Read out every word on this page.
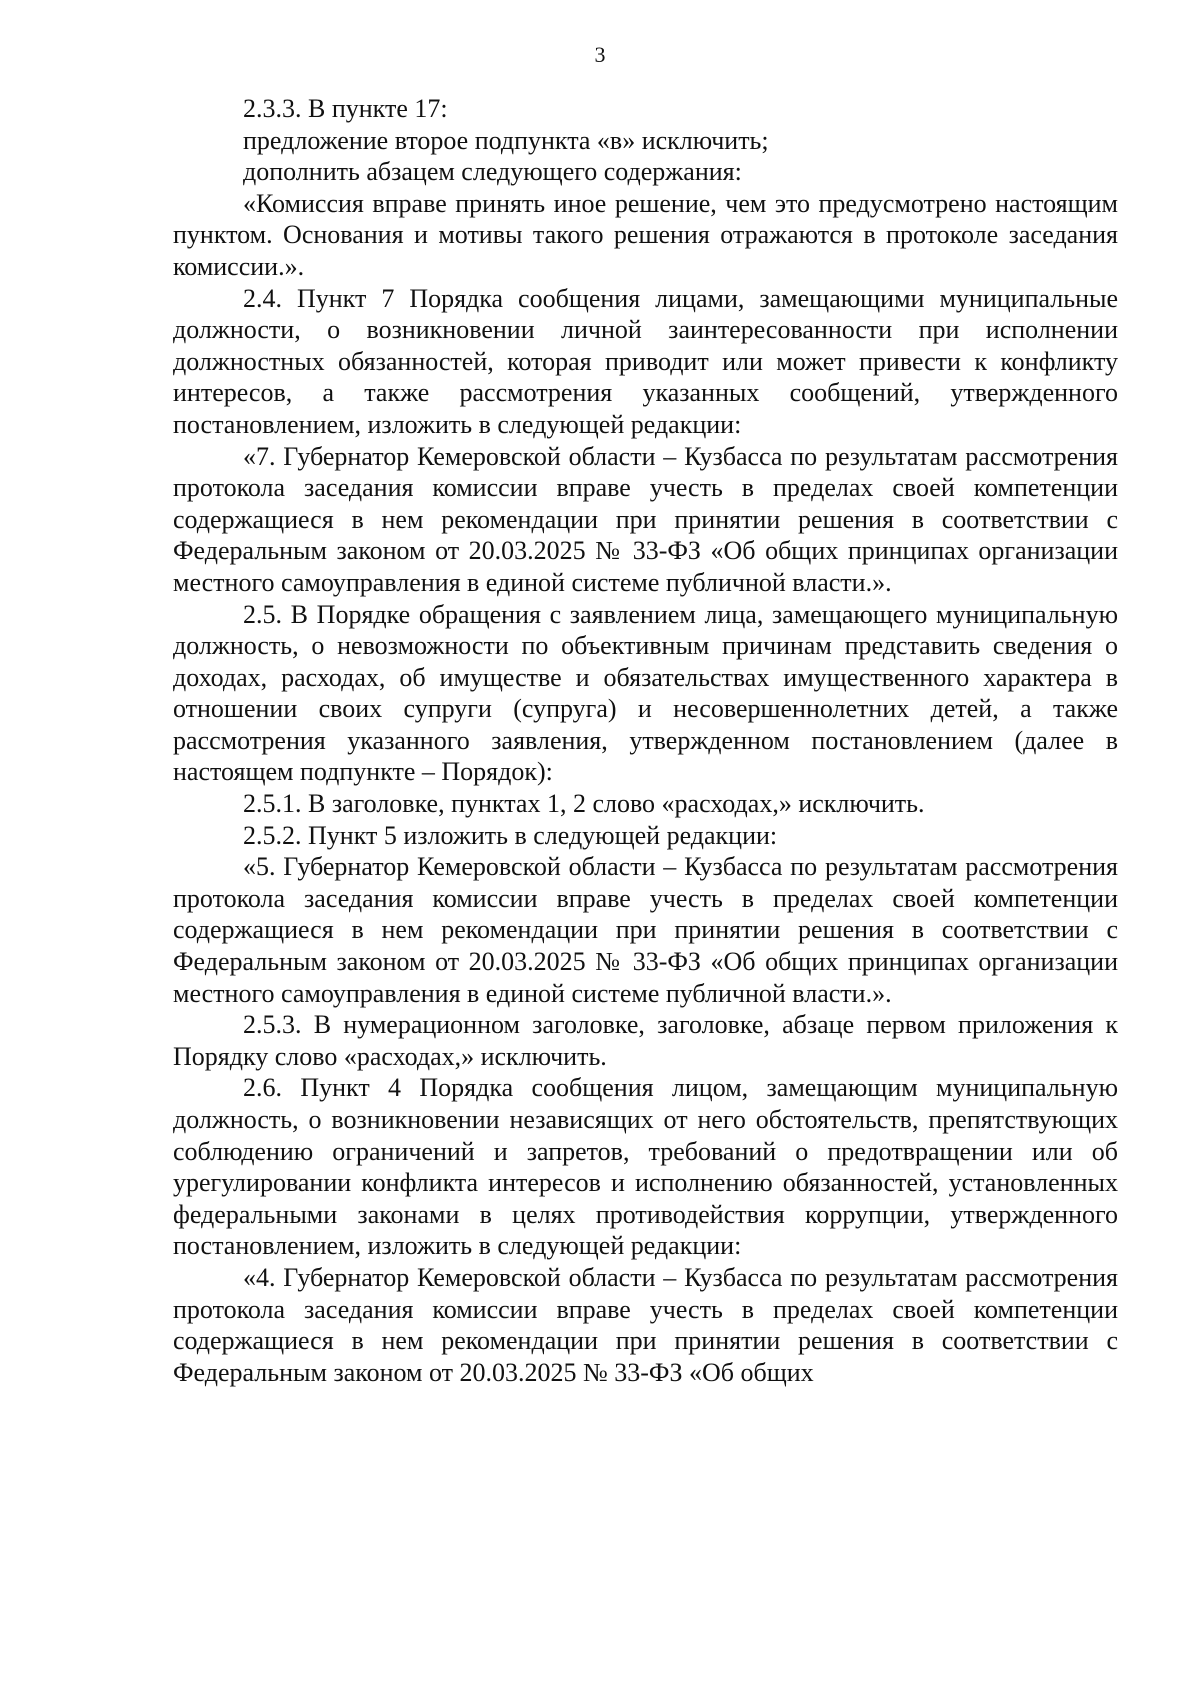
3

2.3.3. В пункте 17:

предложение второе подпункта «в» исключить;

дополнить абзацем следующего содержания:

«Комиссия вправе принять иное решение, чем это предусмотрено настоящим пунктом. Основания и мотивы такого решения отражаются в протоколе заседания комиссии.».

2.4. Пункт 7 Порядка сообщения лицами, замещающими муниципальные должности, о возникновении личной заинтересованности при исполнении должностных обязанностей, которая приводит или может привести к конфликту интересов, а также рассмотрения указанных сообщений, утвержденного постановлением, изложить в следующей редакции:

«7. Губернатор Кемеровской области – Кузбасса по результатам рассмотрения протокола заседания комиссии вправе учесть в пределах своей компетенции содержащиеся в нем рекомендации при принятии решения в соответствии с Федеральным законом от 20.03.2025 № 33-ФЗ «Об общих принципах организации местного самоуправления в единой системе публичной власти.».

2.5. В Порядке обращения с заявлением лица, замещающего муниципальную должность, о невозможности по объективным причинам представить сведения о доходах, расходах, об имуществе и обязательствах имущественного характера в отношении своих супруги (супруга) и несовершеннолетних детей, а также рассмотрения указанного заявления, утвержденном постановлением (далее в настоящем подпункте – Порядок):

2.5.1. В заголовке, пунктах 1, 2 слово «расходах,» исключить.

2.5.2. Пункт 5 изложить в следующей редакции:

«5. Губернатор Кемеровской области – Кузбасса по результатам рассмотрения протокола заседания комиссии вправе учесть в пределах своей компетенции содержащиеся в нем рекомендации при принятии решения в соответствии с Федеральным законом от 20.03.2025 № 33-ФЗ «Об общих принципах организации местного самоуправления в единой системе публичной власти.».

2.5.3. В нумерационном заголовке, заголовке, абзаце первом приложения к Порядку слово «расходах,» исключить.

2.6. Пункт 4 Порядка сообщения лицом, замещающим муниципальную должность, о возникновении независящих от него обстоятельств, препятствующих соблюдению ограничений и запретов, требований о предотвращении или об урегулировании конфликта интересов и исполнению обязанностей, установленных федеральными законами в целях противодействия коррупции, утвержденного постановлением, изложить в следующей редакции:

«4. Губернатор Кемеровской области – Кузбасса по результатам рассмотрения протокола заседания комиссии вправе учесть в пределах своей компетенции содержащиеся в нем рекомендации при принятии решения в соответствии с Федеральным законом от 20.03.2025 № 33-ФЗ «Об общих
